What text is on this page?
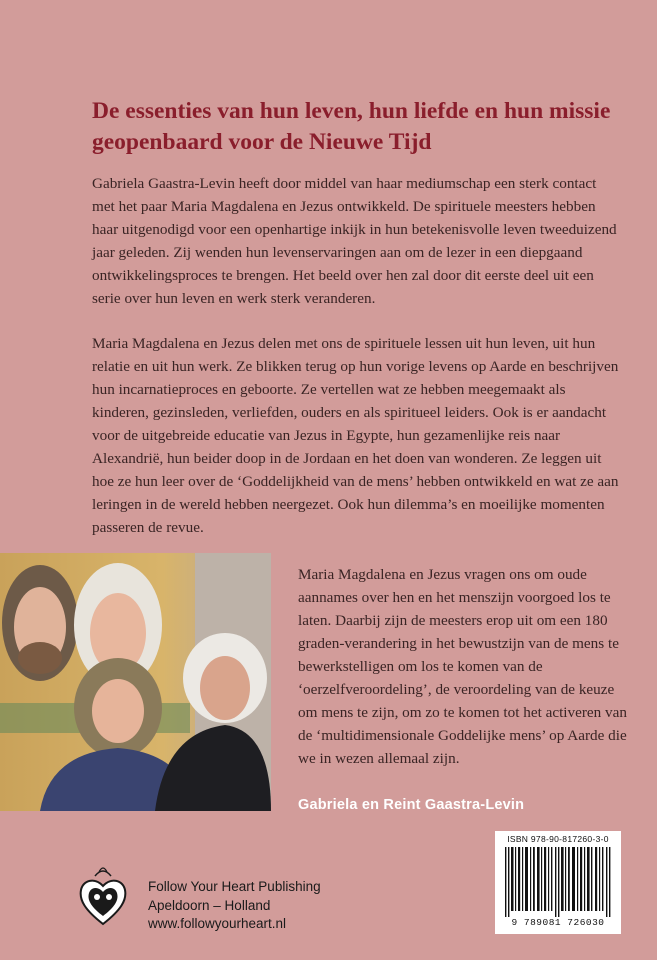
De essenties van hun leven, hun liefde en hun missie geopenbaard voor de Nieuwe Tijd

Gabriela Gaastra-Levin heeft door middel van haar mediumschap een sterk contact met het paar Maria Magdalena en Jezus ontwikkeld. De spirituele meesters hebben haar uitgenodigd voor een openhartige inkijk in hun betekenisvolle leven tweeduizend jaar geleden. Zij wenden hun levenservaringen aan om de lezer in een diepgaand ontwikkelingsproces te brengen. Het beeld over hen zal door dit eerste deel uit een serie over hun leven en werk sterk veranderen.

Maria Magdalena en Jezus delen met ons de spirituele lessen uit hun leven, uit hun relatie en uit hun werk. Ze blikken terug op hun vorige levens op Aarde en beschrijven hun incarnatieproces en geboorte. Ze vertellen wat ze hebben meegemaakt als kinderen, gezinsleden, verliefden, ouders en als spiritueel leiders. Ook is er aandacht voor de uitgebreide educatie van Jezus in Egypte, hun gezamenlijke reis naar Alexandrië, hun beider doop in de Jordaan en het doen van wonderen. Ze leggen uit hoe ze hun leer over de ‘Goddelijkheid van de mens’ hebben ontwikkeld en wat ze aan leringen in de wereld hebben neergezet. Ook hun dilemma’s en moeilijke momenten passeren de revue.

Maria Magdalena en Jezus vragen ons om oude aannames over hen en het menszijn voorgoed los te laten. Daarbij zijn de meesters erop uit om een 180 graden-verandering in het bewustzijn van de mens te bewerkstelligen om los te komen van de ‘oerzelfveroordeling’, de veroordeling van de keuze om mens te zijn, om zo te komen tot het activeren van de ‘multidimensionale Goddelijke mens’ op Aarde die we in wezen allemaal zijn.

Gabriela en Reint Gaastra-Levin
ISBN 978-90-817260-3-0
9 789081 726030
Follow Your Heart Publishing
Apeldoorn – Holland
www.followyourheart.nl
